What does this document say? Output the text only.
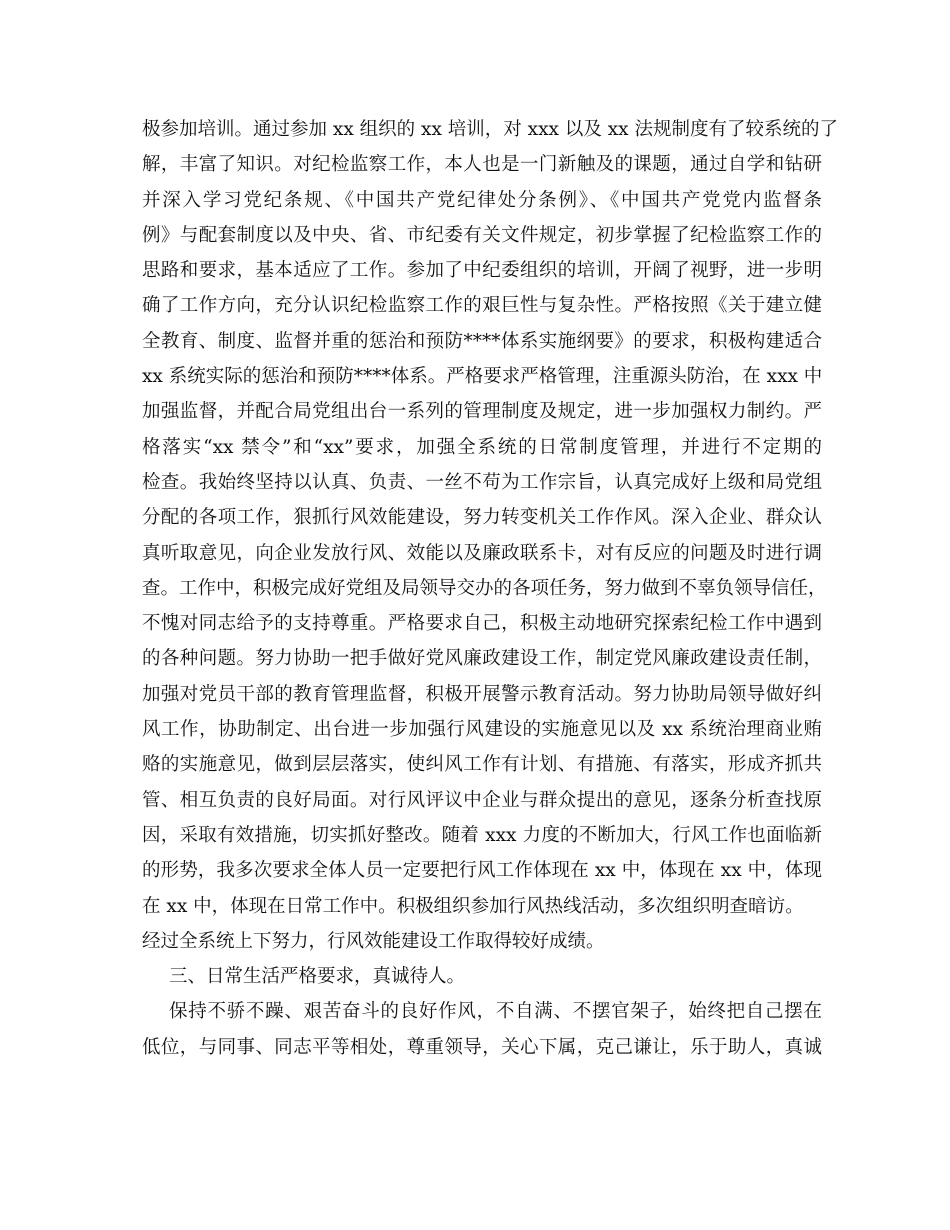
极参加培训。通过参加 xx 组织的 xx 培训，对 xxx 以及 xx 法规制度有了较系统的了
解，丰富了知识。对纪检监察工作，本人也是一门新触及的课题，通过自学和钻研
并深入学习党纪条规、《中国共产党纪律处分条例》、《中国共产党党内监督条
例》与配套制度以及中央、省、市纪委有关文件规定，初步掌握了纪检监察工作的
思路和要求，基本适应了工作。参加了中纪委组织的培训，开阔了视野，进一步明
确了工作方向，充分认识纪检监察工作的艰巨性与复杂性。严格按照《关于建立健
全教育、制度、监督并重的惩治和预防****体系实施纲要》的要求，积极构建适合
xx 系统实际的惩治和预防****体系。严格要求严格管理，注重源头防治，在 xxx 中
加强监督，并配合局党组出台一系列的管理制度及规定，进一步加强权力制约。严
格落实“xx 禁令”和“xx”要求，加强全系统的日常制度管理，并进行不定期的
检查。我始终坚持以认真、负责、一丝不苟为工作宗旨，认真完成好上级和局党组
分配的各项工作，狠抓行风效能建设，努力转变机关工作作风。深入企业、群众认
真听取意见，向企业发放行风、效能以及廉政联系卡，对有反应的问题及时进行调
查。工作中，积极完成好党组及局领导交办的各项任务，努力做到不辜负领导信任，
不愧对同志给予的支持尊重。严格要求自己，积极主动地研究探索纪检工作中遇到
的各种问题。努力协助一把手做好党风廉政建设工作，制定党风廉政建设责任制，
加强对党员干部的教育管理监督，积极开展警示教育活动。努力协助局领导做好纠
风工作，协助制定、出台进一步加强行风建设的实施意见以及 xx 系统治理商业贿
赂的实施意见，做到层层落实，使纠风工作有计划、有措施、有落实，形成齐抓共
管、相互负责的良好局面。对行风评议中企业与群众提出的意见，逐条分析查找原
因，采取有效措施，切实抓好整改。随着 xxx 力度的不断加大，行风工作也面临新
的形势，我多次要求全体人员一定要把行风工作体现在 xx 中，体现在 xx 中，体现
在 xx 中，体现在日常工作中。积极组织参加行风热线活动，多次组织明查暗访。
经过全系统上下努力，行风效能建设工作取得较好成绩。
三、日常生活严格要求，真诚待人。
保持不骄不躁、艰苦奋斗的良好作风，不自满、不摆官架子，始终把自己摆在
低位，与同事、同志平等相处，尊重领导，关心下属，克己谦让，乐于助人，真诚
